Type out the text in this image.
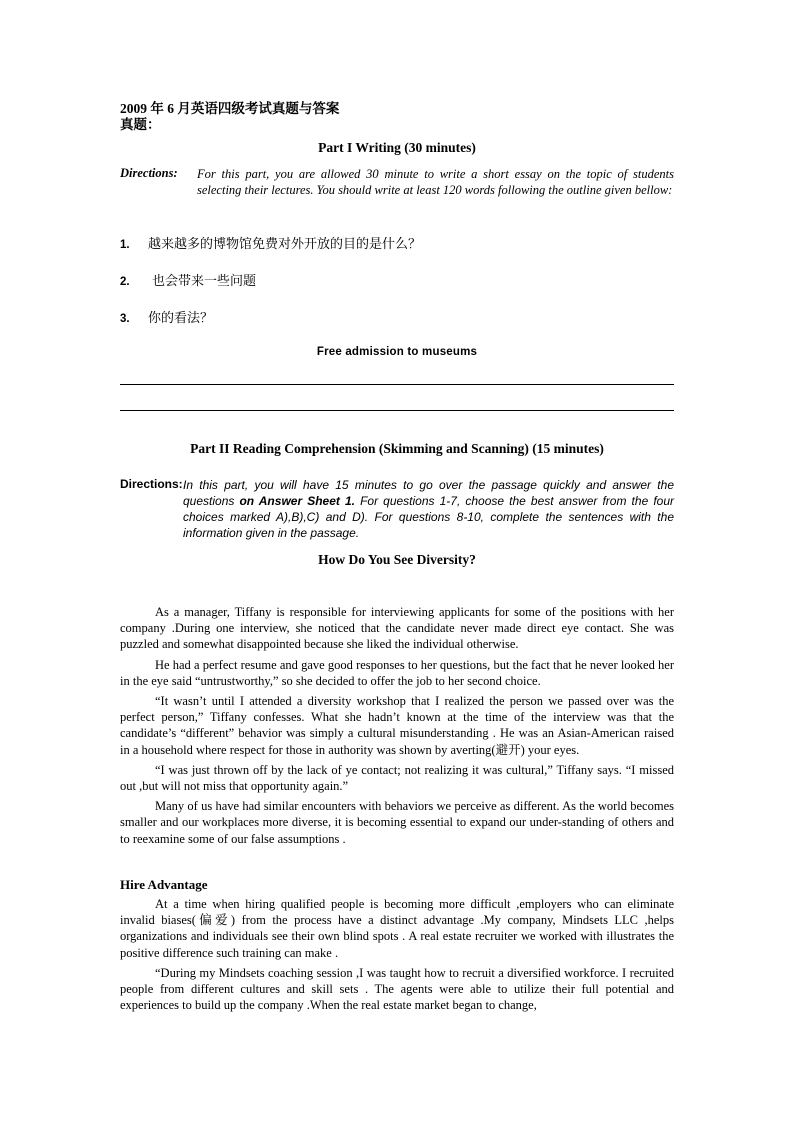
2009 年 6 月英语四级考试真题与答案
真题：
Part I Writing (30 minutes)
Directions: For this part, you are allowed 30 minute to write a short essay on the topic of students selecting their lectures. You should write at least 120 words following the outline given bellow:
1. 越来越多的博物馆免费对外开放的目的是什么？
2. 也会带来一些问题
3. 你的看法？
Free admission to museums
Part II Reading Comprehension (Skimming and Scanning) (15 minutes)
Directions: In this part, you will have 15 minutes to go over the passage quickly and answer the questions on Answer Sheet 1. For questions 1-7, choose the best answer from the four choices marked A),B),C) and D). For questions 8-10, complete the sentences with the information given in the passage.
How Do You See Diversity?

As a manager, Tiffany is responsible for interviewing applicants for some of the positions with her company .During one interview, she noticed that the candidate never made direct eye contact. She was puzzled and somewhat disappointed because she liked the individual otherwise.

He had a perfect resume and gave good responses to her questions, but the fact that he never looked her in the eye said “untrustworthy,” so she decided to offer the job to her second choice.

“It wasn’t until I attended a diversity workshop that I realized the person we passed over was the perfect person,” Tiffany confesses. What she hadn’t known at the time of the interview was that the candidate’s “different” behavior was simply a cultural misunderstanding . He was an Asian-American raised in a household where respect for those in authority was shown by averting(避开) your eyes.

“I was just thrown off by the lack of ye contact; not realizing it was cultural,” Tiffany says. “I missed out ,but will not miss that opportunity again.”

Many of us have had similar encounters with behaviors we perceive as different. As the world becomes smaller and our workplaces more diverse, it is becoming essential to expand our under-standing of others and to reexamine some of our false assumptions .

Hire Advantage

At a time when hiring qualified people is becoming more difficult ,employers who can eliminate invalid biases(偏爱) from the process have a distinct advantage .My company, Mindsets LLC ,helps organizations and individuals see their own blind spots . A real estate recruiter we worked with illustrates the positive difference such training can make .

“During my Mindsets coaching session ,I was taught how to recruit a diversified workforce. I recruited people from different cultures and skill sets . The agents were able to utilize their full potential and experiences to build up the company .When the real estate market began to change,
